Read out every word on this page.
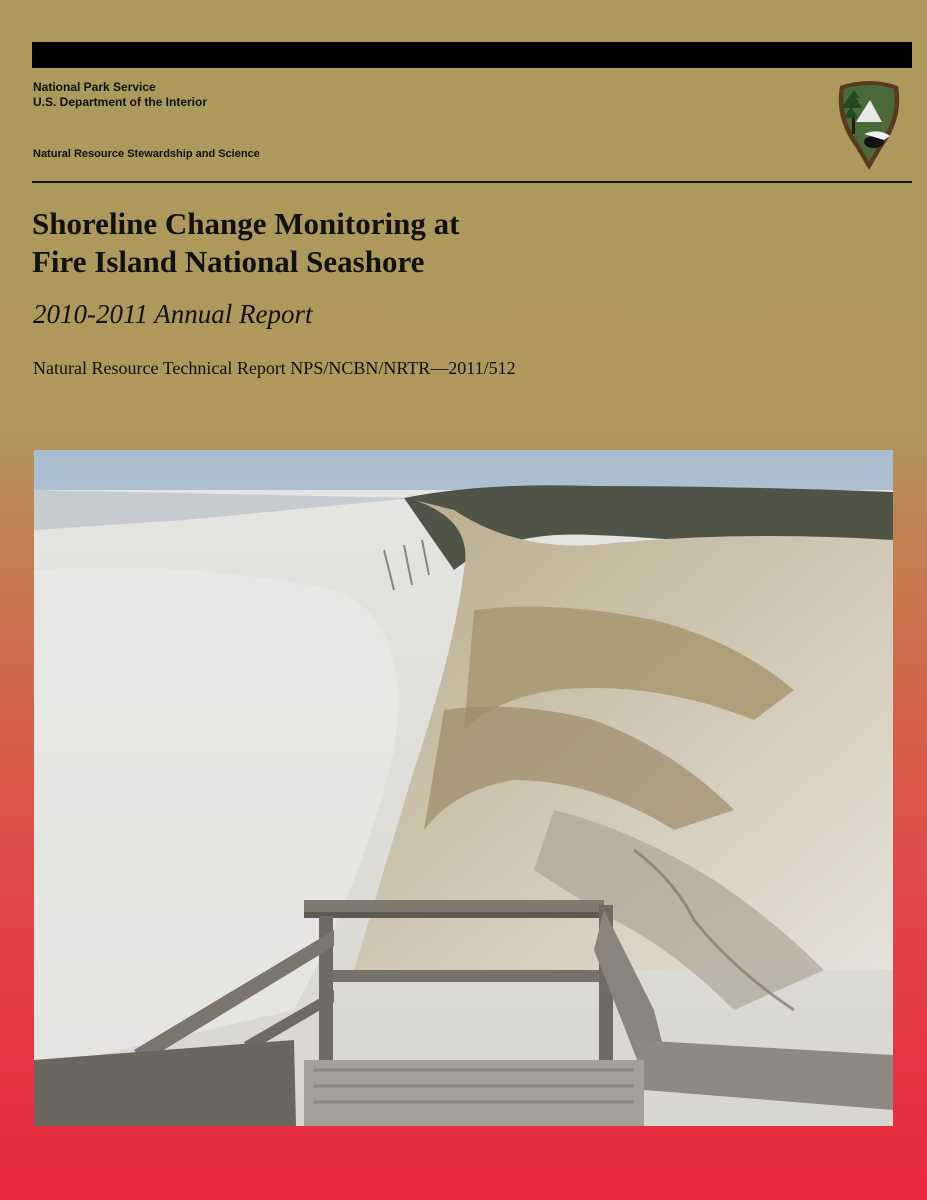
National Park Service
U.S. Department of the Interior
Natural Resource Stewardship and Science
Shoreline Change Monitoring at
Fire Island National Seashore
2010-2011 Annual Report
Natural Resource Technical Report NPS/NCBN/NRTR—2011/512
